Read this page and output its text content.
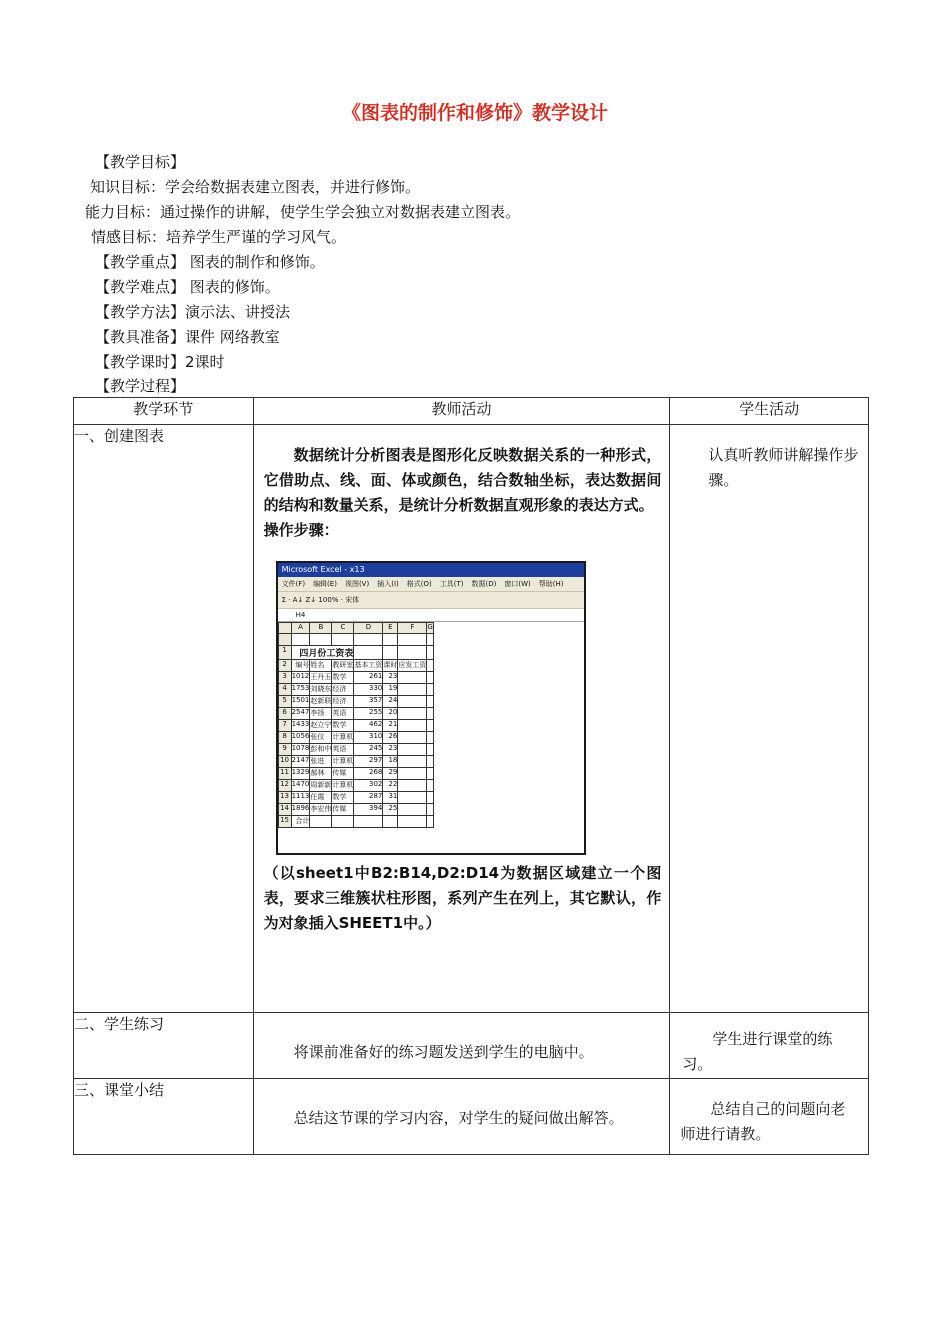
《图表的制作和修饰》教学设计
【教学目标】
知识目标：学会给数据表建立图表，并进行修饰。
能力目标：通过操作的讲解，使学生学会独立对数据表建立图表。
情感目标：培养学生严谨的学习风气。
【教学重点】 图表的制作和修饰。
【教学难点】 图表的修饰。
【教学方法】演示法、讲授法
【教具准备】课件 网络教室
【教学课时】2课时
【教学过程】
教学环节	教师活动	学生活动
一、创建图表	
数据统计分析图表是图形化反映数据关系的一种形式，它借助点、线、面、体或颜色，结合数轴坐标，表达数据间的结构和数量关系，是统计分析数据直观形象的表达方式。
操作步骤：
Microsoft Excel - x13
文件(F) 编辑(E) 视图(V) 插入(I) 格式(O) 工具(T) 数据(D) 窗口(W) 帮助(H)
Σ · A↓ Z↓ 100% · 宋体
H4
	A	B	C	D	E	F	G

1	四月份工资表				
2	编号	姓名	教研室	基本工资	课时	应发工资	
3	1012	王丹玉	数学	261	23		
4	1753	刘晓东	经济	330	19		
5	1501	赵新联	经济	357	24		
6	2547	李扬	英语	255	20		
7	1433	赵立宁	数学	462	21		
8	1056	张仪	计算机	310	26		
9	1078	彭和中	英语	245	23		
10	2147	张进	计算机	297	18		
11	1329	郝林	传媒	268	29		
12	1470	周新新	计算机	302	22		
13	1113	任霞	数学	287	31		
14	1896	李宏伟	传媒	394	25		
15	合计						
（以sheet1中B2:B14,D2:D14为数据区域建立一个图表，要求三维簇状柱形图，系列产生在列上，其它默认，作为对象插入SHEET1中。）
	认真听教师讲解操作步骤。
二、学生练习	将课前准备好的练习题发送到学生的电脑中。	学生进行课堂的练习。
三、课堂小结	总结这节课的学习内容，对学生的疑问做出解答。	总结自己的问题向老师进行请教。
